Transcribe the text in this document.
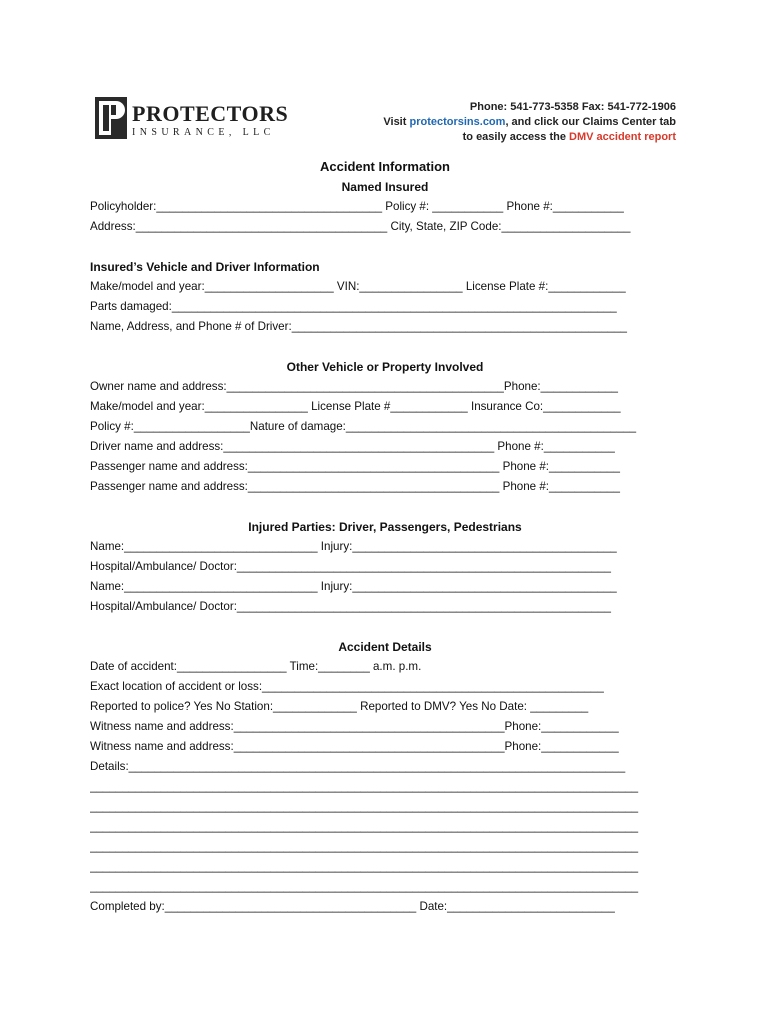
PROTECTORS
INSURANCE, LLC
Phone: 541-773-5358 Fax: 541-772-1906
Visit protectorsins.com, and click our Claims Center tab
to easily access the DMV accident report
Accident Information
Named Insured
Policyholder:___________________________________ Policy #: ___________ Phone #:___________
Address:_______________________________________ City, State, ZIP Code:____________________
Insured’s Vehicle and Driver Information
Make/model and year:____________________ VIN:________________ License Plate #:____________
Parts damaged:_____________________________________________________________________
Name, Address, and Phone # of Driver:____________________________________________________
Other Vehicle or Property Involved
Owner name and address:___________________________________________Phone:____________
Make/model and year:________________ License Plate #____________ Insurance Co:____________
Policy #:__________________Nature of damage:_____________________________________________
Driver name and address:__________________________________________ Phone #:___________
Passenger name and address:_______________________________________ Phone #:___________
Passenger name and address:_______________________________________ Phone #:___________
Injured Parties: Driver, Passengers, Pedestrians
Name:______________________________ Injury:_________________________________________
Hospital/Ambulance/ Doctor:__________________________________________________________
Name:______________________________ Injury:_________________________________________
Hospital/Ambulance/ Doctor:__________________________________________________________
Accident Details
Date of accident:_________________ Time:________ a.m. p.m.
Exact location of accident or loss:_____________________________________________________
Reported to police? Yes No Station:_____________ Reported to DMV? Yes No Date: _________
Witness name and address:__________________________________________Phone:____________
Witness name and address:__________________________________________Phone:____________
Details:_____________________________________________________________________________
_____________________________________________________________________________________
_____________________________________________________________________________________
_____________________________________________________________________________________
_____________________________________________________________________________________
_____________________________________________________________________________________
_____________________________________________________________________________________
Completed by:_______________________________________ Date:__________________________
